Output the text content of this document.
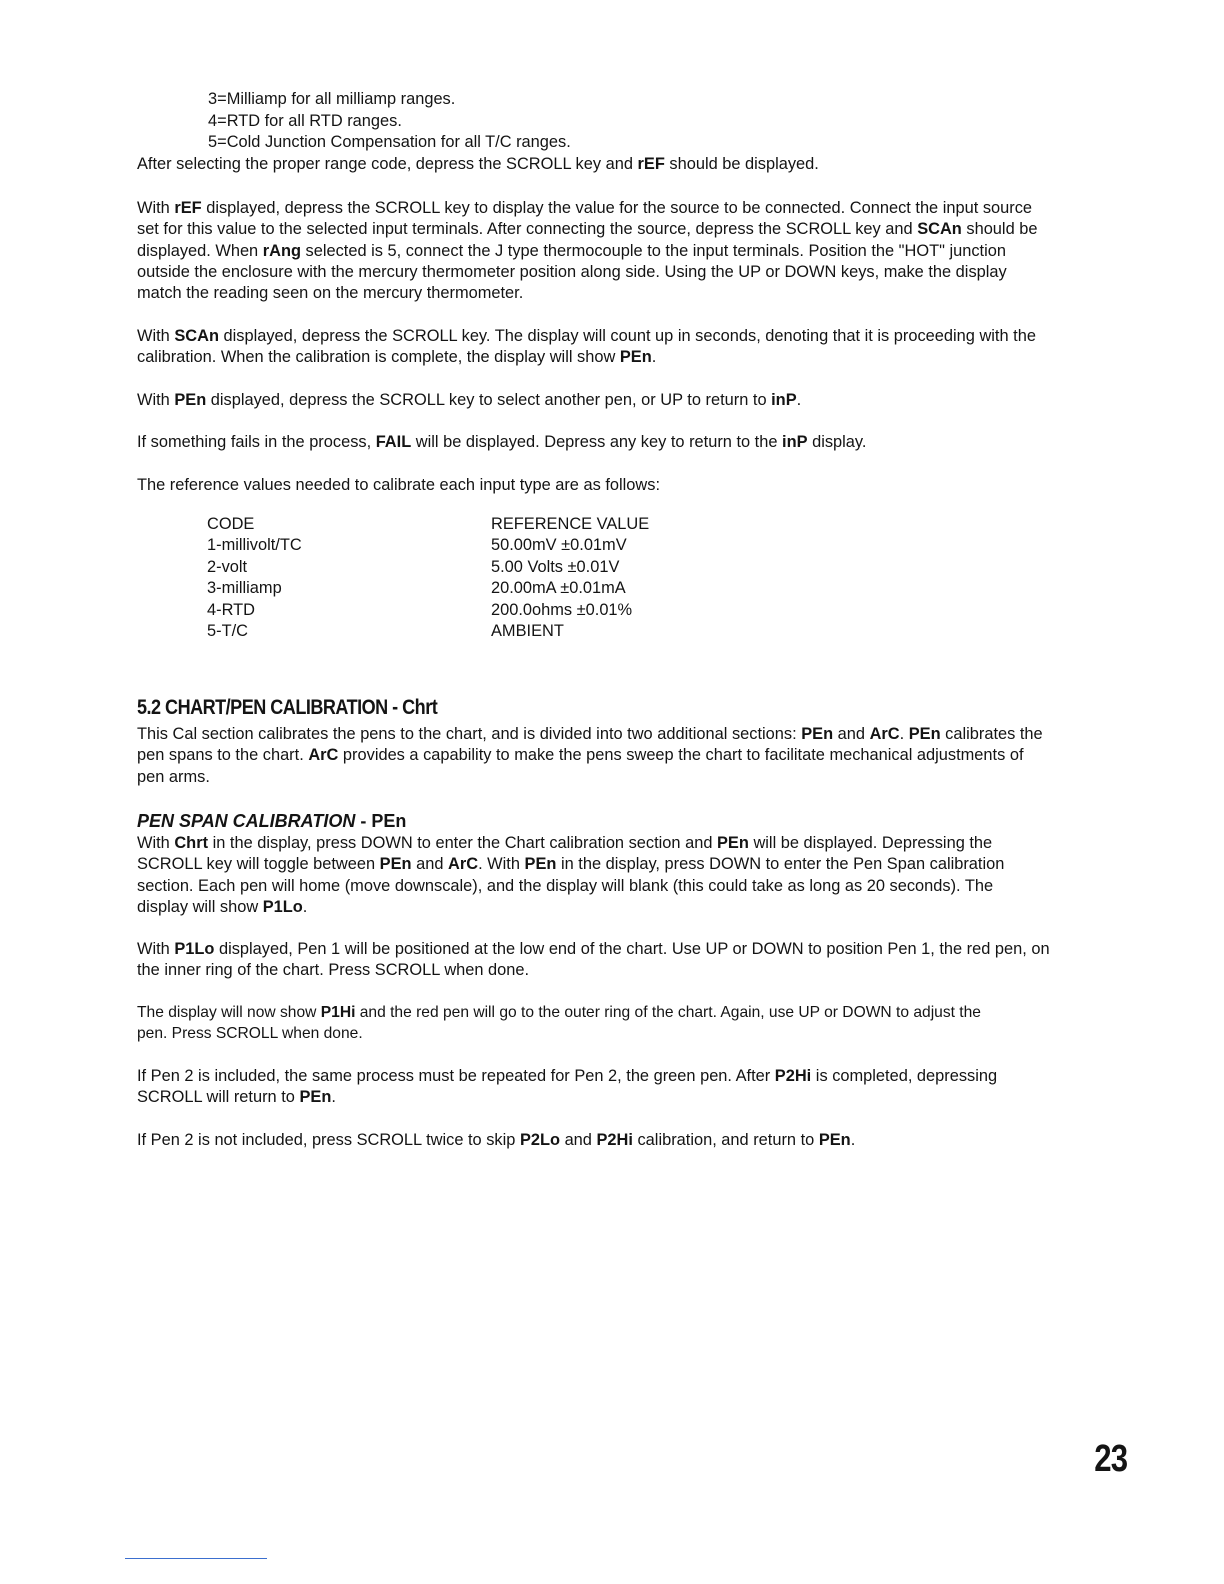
3=Milliamp for all milliamp ranges.
4=RTD for all RTD ranges.
5=Cold Junction Compensation for all T/C ranges.

After selecting the proper range code, depress the SCROLL key and rEF should be displayed.

With rEF displayed, depress the SCROLL key to display the value for the source to be connected. Connect the input source
set for this value to the selected input terminals. After connecting the source, depress the SCROLL key and SCAn should be
displayed. When rAng selected is 5, connect the J type thermocouple to the input terminals. Position the "HOT" junction
outside the enclosure with the mercury thermometer position along side. Using the UP or DOWN keys, make the display
match the reading seen on the mercury thermometer.

With SCAn displayed, depress the SCROLL key. The display will count up in seconds, denoting that it is proceeding with the
calibration. When the calibration is complete, the display will show PEn.

With PEn displayed, depress the SCROLL key to select another pen, or UP to return to inP.

If something fails in the process, FAIL will be displayed. Depress any key to return to the inP display.

The reference values needed to calibrate each input type are as follows:

CODE	REFERENCE VALUE
1-millivolt/TC	50.00mV ±0.01mV
2-volt	5.00 Volts ±0.01V
3-milliamp	20.00mA ±0.01mA
4-RTD	200.0ohms ±0.01%
5-T/C	AMBIENT
5.2 CHART/PEN CALIBRATION - Chrt

This Cal section calibrates the pens to the chart, and is divided into two additional sections: PEn and ArC. PEn calibrates the
pen spans to the chart. ArC provides a capability to make the pens sweep the chart to facilitate mechanical adjustments of
pen arms.

PEN SPAN CALIBRATION - PEn

With Chrt in the display, press DOWN to enter the Chart calibration section and PEn will be displayed. Depressing the
SCROLL key will toggle between PEn and ArC. With PEn in the display, press DOWN to enter the Pen Span calibration
section. Each pen will home (move downscale), and the display will blank (this could take as long as 20 seconds). The
display will show P1Lo.

With P1Lo displayed, Pen 1 will be positioned at the low end of the chart. Use UP or DOWN to position Pen 1, the red pen, on
the inner ring of the chart. Press SCROLL when done.

The display will now show P1Hi and the red pen will go to the outer ring of the chart. Again, use UP or DOWN to adjust the
pen. Press SCROLL when done.

If Pen 2 is included, the same process must be repeated for Pen 2, the green pen. After P2Hi is completed, depressing
SCROLL will return to PEn.

If Pen 2 is not included, press SCROLL twice to skip P2Lo and P2Hi calibration, and return to PEn.

23
